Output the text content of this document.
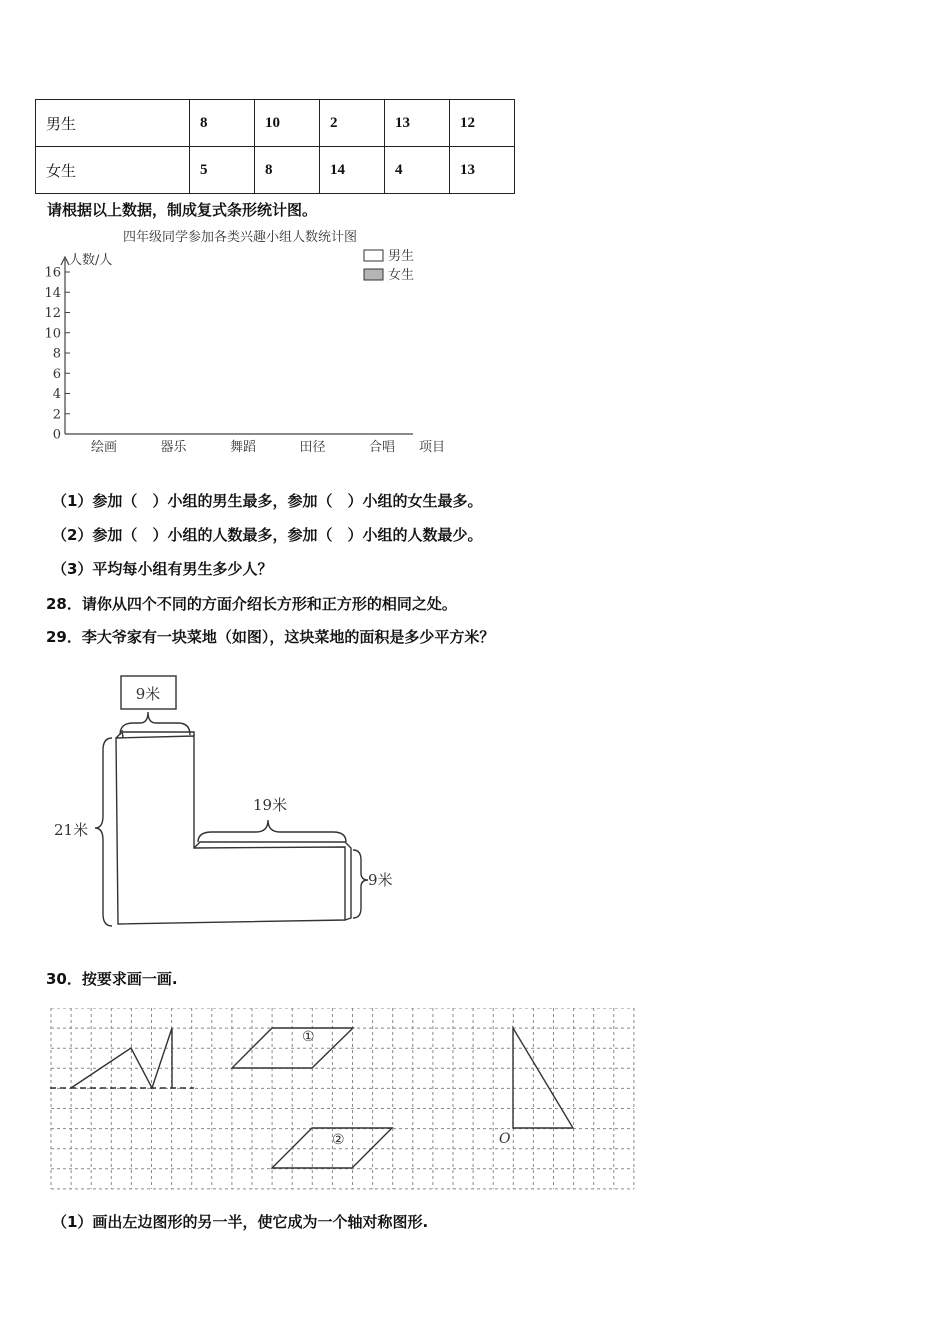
男生	8	10	2	13	12
女生	5	8	14	4	13
请根据以上数据，制成复式条形统计图。
四年级同学参加各类兴趣小组人数统计图
人数/人
0
2
4
6
8
10
12
14
16
绘画	器乐	舞蹈	田径	合唱 项目
男生
女生
（1）参加（　）小组的男生最多，参加（　）小组的女生最多。
（2）参加（　）小组的人数最多，参加（　）小组的人数最少。
（3）平均每小组有男生多少人？
28．请你从四个不同的方面介绍长方形和正方形的相同之处。
29．李大爷家有一块菜地（如图），这块菜地的面积是多少平方米？
9米
21米
19米
9米
30．按要求画一画.
①
②	O
（1）画出左边图形的另一半，使它成为一个轴对称图形.
